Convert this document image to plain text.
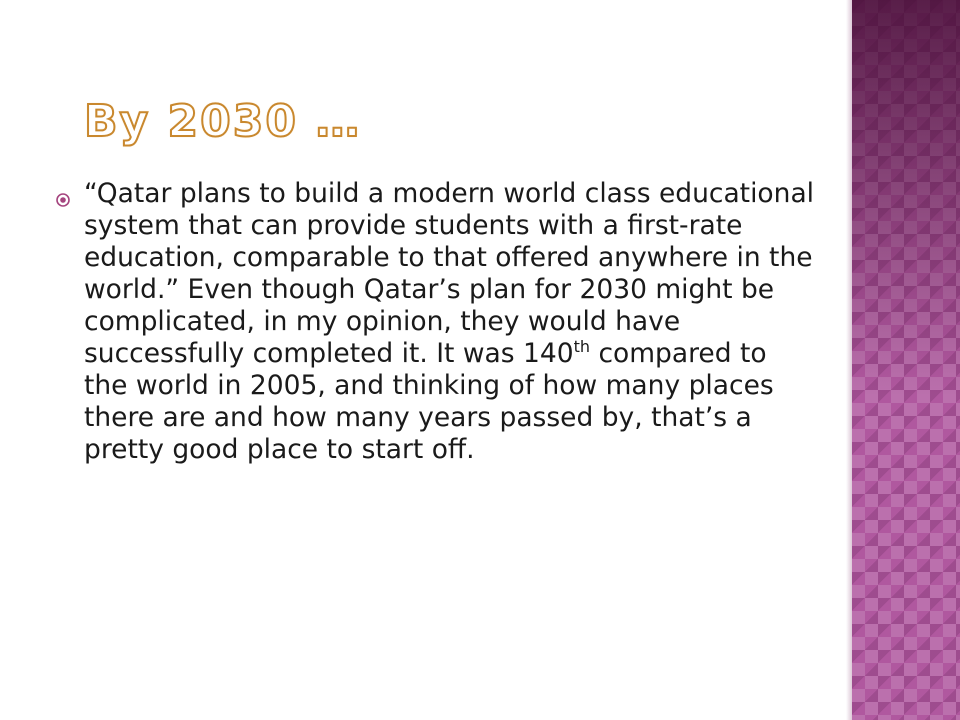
By 2030 …

“Qatar plans to build a modern world class educational system that can provide students with a first-rate education, comparable to that offered anywhere in the world.” Even though Qatar’s plan for 2030 might be complicated, in my opinion, they would have successfully completed it. It was 140th compared to the world in 2005, and thinking of how many places there are and how many years passed by, that’s a pretty good place to start off.
